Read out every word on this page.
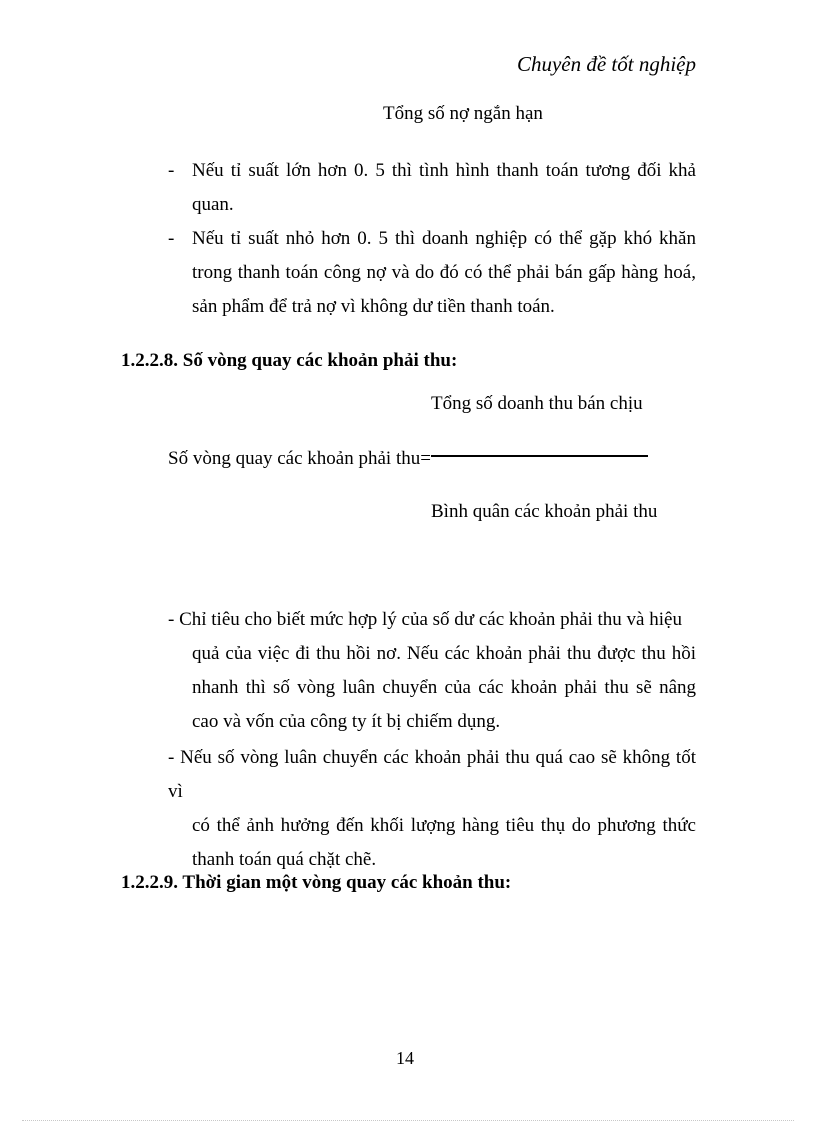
Chuyên đề tốt nghiệp
Tổng số nợ ngắn hạn
- Nếu tỉ suất lớn hơn 0. 5 thì tình hình thanh toán tương đối khả quan.
- Nếu tỉ suất nhỏ hơn 0. 5 thì doanh nghiệp có thể gặp khó khăn trong thanh toán công nợ và do đó có thể phải bán gấp hàng hoá, sản phẩm để trả nợ vì không dư tiền thanh toán.
1.2.2.8. Số vòng quay các khoản phải thu:
Tổng số doanh thu bán chịu
Số vòng quay các khoản phải thu=
Bình quân các khoản phải thu
- Chỉ tiêu cho biết mức hợp lý của số dư các khoản phải thu và hiệu
quả của việc đi thu hồi nơ. Nếu các khoản phải thu được thu hồi nhanh thì số vòng luân chuyển của các khoản phải thu sẽ nâng cao và vốn của công ty ít bị chiếm dụng.
- Nếu số vòng luân chuyển các khoản phải thu quá cao sẽ không tốt vì
có thể ảnh hưởng đến khối lượng hàng tiêu thụ do phương thức thanh toán quá chặt chẽ.
1.2.2.9. Thời gian một vòng quay các khoản thu:
14
